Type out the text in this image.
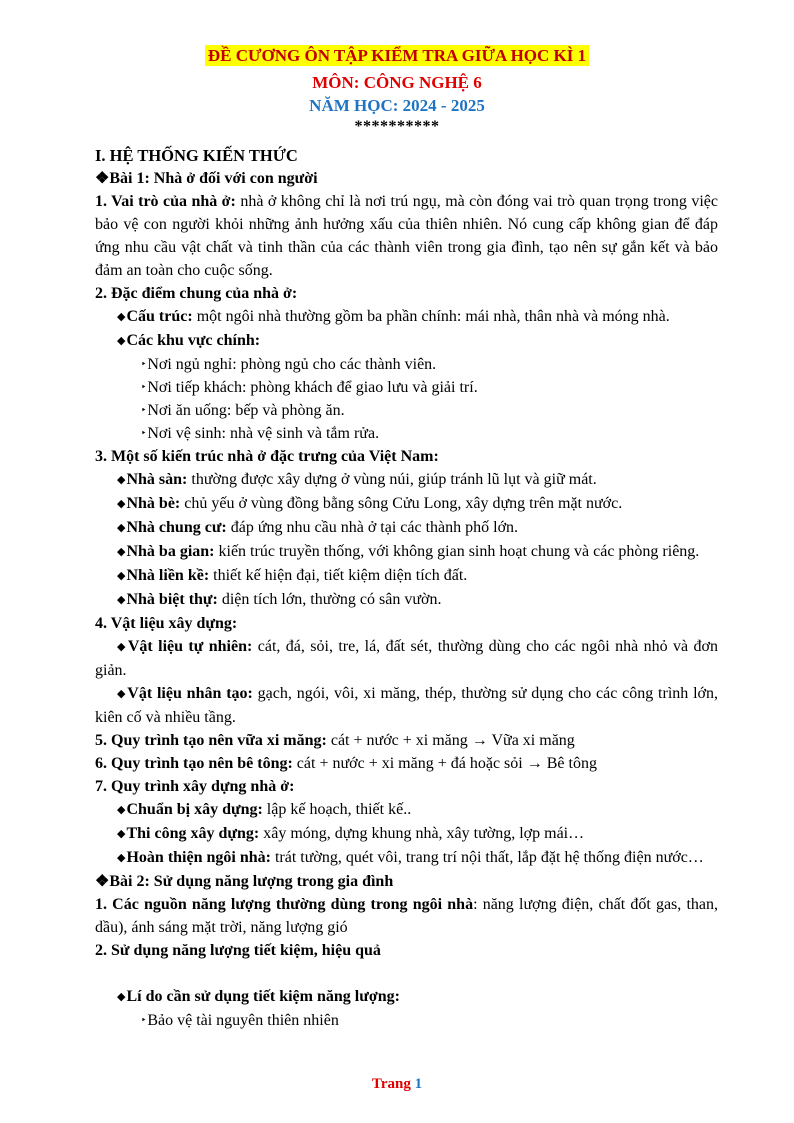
ĐỀ CƯƠNG ÔN TẬP KIỂM TRA GIỮA HỌC KÌ 1
MÔN: CÔNG NGHỆ 6
NĂM HỌC: 2024 - 2025
**********

I. HỆ THỐNG KIẾN THỨC

❖Bài 1: Nhà ở đối với con người

1. Vai trò của nhà ở: nhà ở không chỉ là nơi trú ngụ, mà còn đóng vai trò quan trọng trong việc bảo vệ con người khỏi những ảnh hưởng xấu của thiên nhiên. Nó cung cấp không gian để đáp ứng nhu cầu vật chất và tinh thần của các thành viên trong gia đình, tạo nên sự gắn kết và bảo đảm an toàn cho cuộc sống.

2. Đặc điểm chung của nhà ở:

◆Cấu trúc: một ngôi nhà thường gồm ba phần chính: mái nhà, thân nhà và móng nhà.

◆Các khu vực chính:

‣Nơi ngủ nghỉ: phòng ngủ cho các thành viên.

‣Nơi tiếp khách: phòng khách để giao lưu và giải trí.

‣Nơi ăn uống: bếp và phòng ăn.

‣Nơi vệ sinh: nhà vệ sinh và tắm rửa.

3. Một số kiến trúc nhà ở đặc trưng của Việt Nam:

◆Nhà sàn: thường được xây dựng ở vùng núi, giúp tránh lũ lụt và giữ mát.

◆Nhà bè: chủ yếu ở vùng đồng bằng sông Cửu Long, xây dựng trên mặt nước.

◆Nhà chung cư: đáp ứng nhu cầu nhà ở tại các thành phố lớn.

◆Nhà ba gian: kiến trúc truyền thống, với không gian sinh hoạt chung và các phòng riêng.

◆Nhà liền kề: thiết kế hiện đại, tiết kiệm diện tích đất.

◆Nhà biệt thự: diện tích lớn, thường có sân vườn.

4. Vật liệu xây dựng:

◆Vật liệu tự nhiên: cát, đá, sỏi, tre, lá, đất sét, thường dùng cho các ngôi nhà nhỏ và đơn giản.

◆Vật liệu nhân tạo: gạch, ngói, vôi, xi măng, thép, thường sử dụng cho các công trình lớn, kiên cố và nhiều tầng.

5. Quy trình tạo nên vữa xi măng: cát + nước + xi măng → Vữa xi măng

6. Quy trình tạo nên bê tông: cát + nước + xi măng + đá hoặc sỏi → Bê tông

7. Quy trình xây dựng nhà ở:

◆Chuẩn bị xây dựng: lập kế hoạch, thiết kế..

◆Thi công xây dựng: xây móng, dựng khung nhà, xây tường, lợp mái…

◆Hoàn thiện ngôi nhà: trát tường, quét vôi, trang trí nội thất, lắp đặt hệ thống điện nước…

❖Bài 2: Sử dụng năng lượng trong gia đình

1. Các nguồn năng lượng thường dùng trong ngôi nhà: năng lượng điện, chất đốt gas, than, dầu), ánh sáng mặt trời, năng lượng gió

2. Sử dụng năng lượng tiết kiệm, hiệu quả

◆Lí do cần sử dụng tiết kiệm năng lượng:

‣Bảo vệ tài nguyên thiên nhiên

Trang 1
